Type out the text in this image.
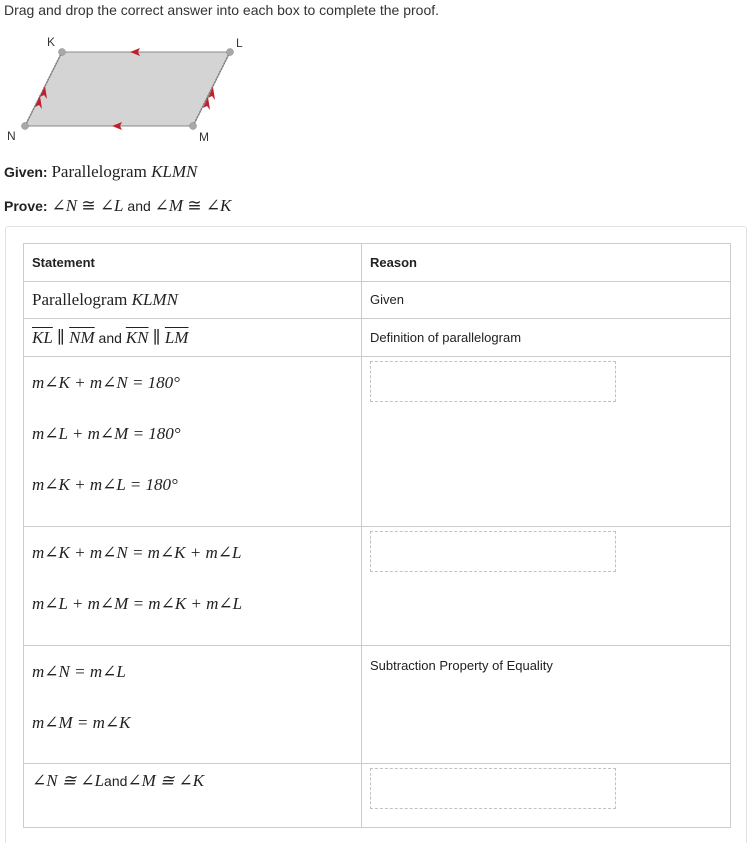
Drag and drop the correct answer into each box to complete the proof.
K	L
M
N
Given: Parallelogram KLMN
Prove: ∠N ≅ ∠L and ∠M ≅ ∠K
Statement	Reason
Parallelogram KLMN	Given
$\overline{KL}$ ∥ $\overline{NM}$ and $\overline{KN}$ ∥ $\overline{LM}$	Definition of parallelogram

m∠K + m∠N = 180°
m∠L + m∠M = 180°
m∠K + m∠L = 180°	

m∠K + m∠N = m∠K + m∠L
m∠L + m∠M = m∠K + m∠L	

m∠N = m∠L
m∠M = m∠K	Subtraction Property of Equality

∠N ≅ ∠L and ∠M ≅ ∠K	
